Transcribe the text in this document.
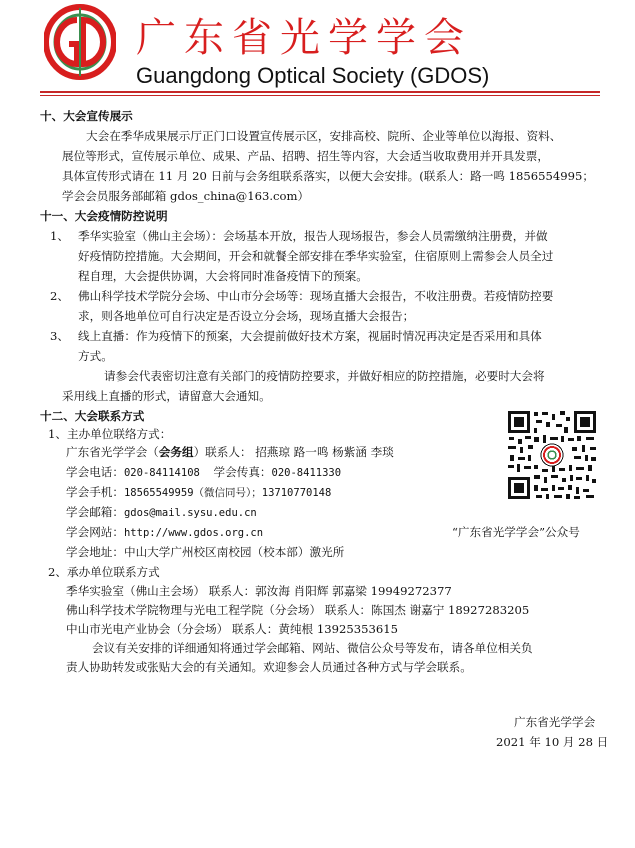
广东省光学学会
Guangdong Optical Society (GDOS)
十、大会宣传展示
大会在季华成果展示厅正门口设置宣传展示区，安排高校、院所、企业等单位以海报、资料、
展位等形式，宣传展示单位、成果、产品、招聘、招生等内容，大会适当收取费用并开具发票，
具体宣传形式请在 11 月 20 日前与会务组联系落实，以便大会安排。(联系人：路一鸣 1856554995；
学会会员服务部邮箱 gdos_china@163.com）
十一、大会疫情防控说明
1、 季华实验室（佛山主会场）：会场基本开放，报告人现场报告，参会人员需缴纳注册费，并做
好疫情防控措施。大会期间，开会和就餐全部安排在季华实验室，住宿原则上需参会人员全过
程自理，大会提供协调，大会将同时准备疫情下的预案。
2、 佛山科学技术学院分会场、中山市分会场等：现场直播大会报告，不收注册费。若疫情防控要
求，则各地单位可自行决定是否设立分会场，现场直播大会报告；
3、 线上直播：作为疫情下的预案，大会提前做好技术方案，视届时情况再决定是否采用和具体
方式。
请参会代表密切注意有关部门的疫情防控要求，并做好相应的防控措施，必要时大会将
采用线上直播的形式，请留意大会通知。
十二、大会联系方式
1、主办单位联络方式：
广东省光学学会（会务组）联系人： 招燕琼 路一鸣 杨紫涵 李琰
学会电话：020-84114108 学会传真：020-8411330
学会手机：18565549959（微信同号）；13710770148
学会邮箱：gdos@mail.sysu.edu.cn
学会网站：http://www.gdos.org.cn	“广东省光学学会”公众号
学会地址：中山大学广州校区南校园（校本部）激光所
2、承办单位联系方式
季华实验室（佛山主会场） 联系人：郭汝海 肖阳辉 郭嘉梁 19949272377
佛山科学技术学院物理与光电工程学院（分会场） 联系人：陈国杰 谢嘉宁 18927283205
中山市光电产业协会（分会场） 联系人：黄纯根 13925353615
会议有关安排的详细通知将通过学会邮箱、网站、微信公众号等发布，请各单位相关负
责人协助转发或张贴大会的有关通知。欢迎参会人员通过各种方式与学会联系。
广东省光学学会
2021 年 10 月 28 日
